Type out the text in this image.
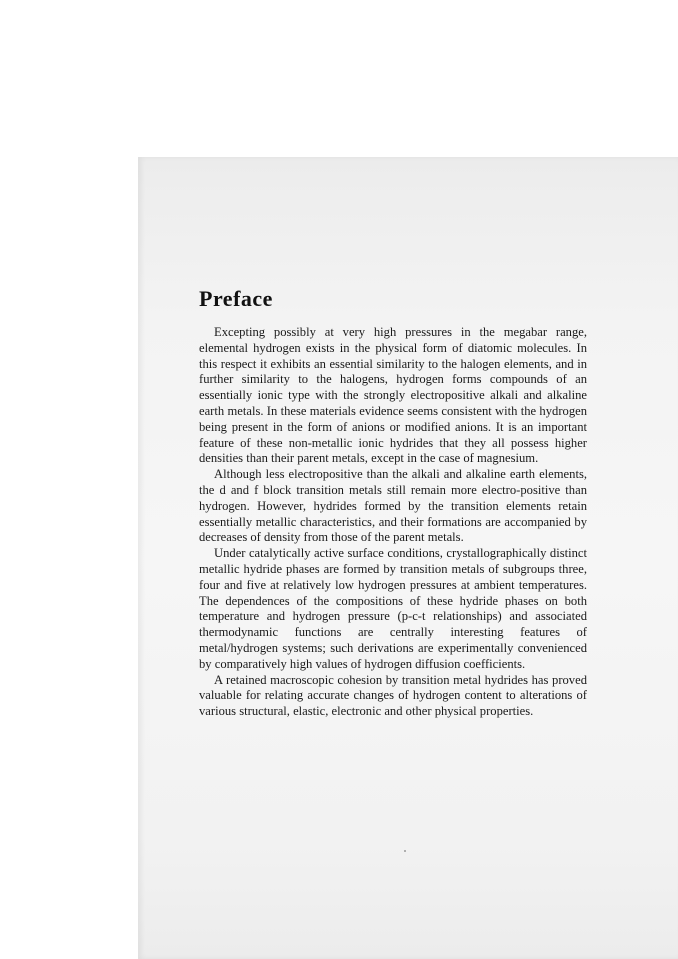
Preface

Excepting possibly at very high pressures in the megabar range, elemental hydrogen exists in the physical form of diatomic molecules. In this respect it exhibits an essential similarity to the halogen elements, and in further similarity to the halogens, hydrogen forms compounds of an essentially ionic type with the strongly electropositive alkali and alkaline earth metals. In these materials evidence seems consistent with the hydrogen being present in the form of anions or modified anions. It is an important feature of these non-metallic ionic hydrides that they all possess higher densities than their parent metals, except in the case of magnesium.

Although less electropositive than the alkali and alkaline earth elements, the d and f block transition metals still remain more electro-positive than hydrogen. However, hydrides formed by the transition elements retain essentially metallic characteristics, and their formations are accompanied by decreases of density from those of the parent metals.

Under catalytically active surface conditions, crystallographically distinct metallic hydride phases are formed by transition metals of subgroups three, four and five at relatively low hydrogen pressures at ambient temperatures. The dependences of the compositions of these hydride phases on both temperature and hydrogen pressure (p-c-t relationships) and associated thermodynamic functions are centrally interesting features of metal/hydrogen systems; such derivations are experimentally convenienced by comparatively high values of hydrogen diffusion coefficients.

A retained macroscopic cohesion by transition metal hydrides has proved valuable for relating accurate changes of hydrogen content to alterations of various structural, elastic, electronic and other physical properties.
